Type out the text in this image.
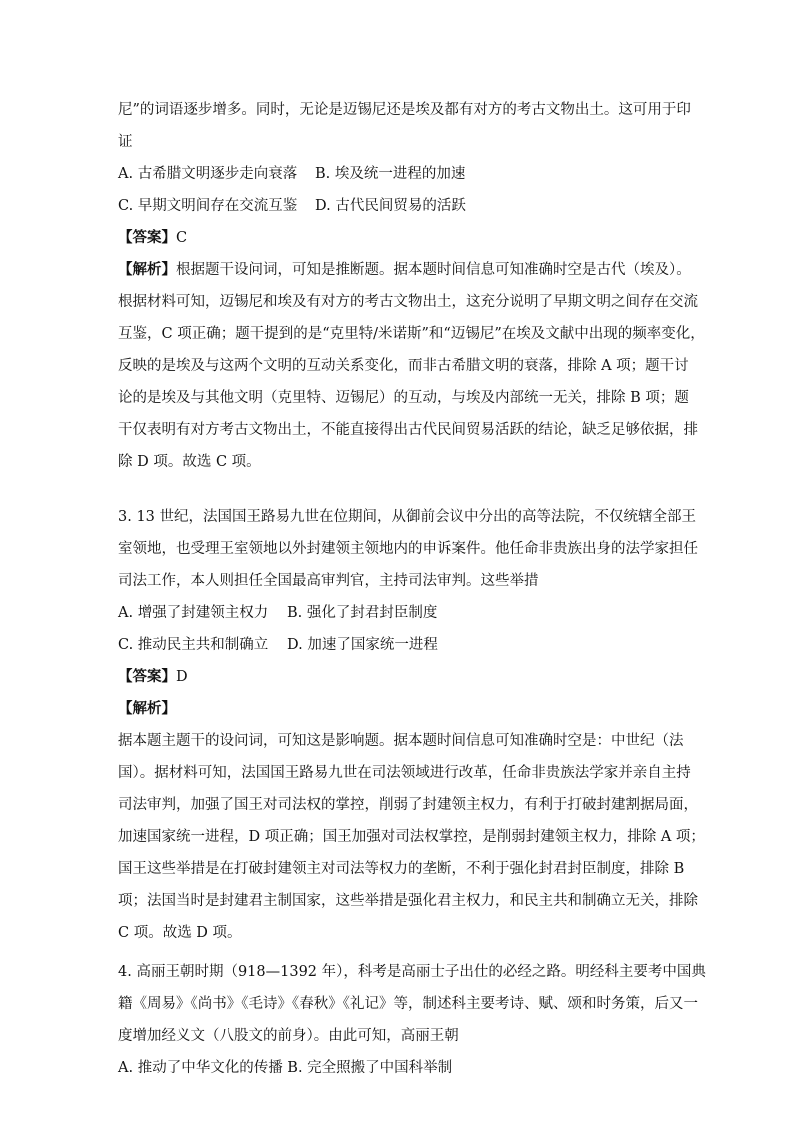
尼”的词语逐步增多。同时，无论是迈锡尼还是埃及都有对方的考古文物出土。这可用于印
证
A. 古希腊文明逐步走向衰落 B. 埃及统一进程的加速
C. 早期文明间存在交流互鉴 D. 古代民间贸易的活跃
【答案】C
【解析】根据题干设问词，可知是推断题。据本题时间信息可知准确时空是古代（埃及）。
根据材料可知，迈锡尼和埃及有对方的考古文物出土，这充分说明了早期文明之间存在交流
互鉴，C 项正确；题干提到的是“克里特/米诺斯”和“迈锡尼”在埃及文献中出现的频率变化，
反映的是埃及与这两个文明的互动关系变化，而非古希腊文明的衰落，排除 A 项；题干讨
论的是埃及与其他文明（克里特、迈锡尼）的互动，与埃及内部统一无关，排除 B 项；题
干仅表明有对方考古文物出土，不能直接得出古代民间贸易活跃的结论，缺乏足够依据，排
除 D 项。故选 C 项。
3. 13 世纪，法国国王路易九世在位期间，从御前会议中分出的高等法院，不仅统辖全部王
室领地，也受理王室领地以外封建领主领地内的申诉案件。他任命非贵族出身的法学家担任
司法工作，本人则担任全国最高审判官，主持司法审判。这些举措
A. 增强了封建领主权力 B. 强化了封君封臣制度
C. 推动民主共和制确立 D. 加速了国家统一进程
【答案】D
【解析】
据本题主题干的设问词，可知这是影响题。据本题时间信息可知准确时空是：中世纪（法
国）。据材料可知，法国国王路易九世在司法领域进行改革，任命非贵族法学家并亲自主持
司法审判，加强了国王对司法权的掌控，削弱了封建领主权力，有利于打破封建割据局面，
加速国家统一进程，D 项正确；国王加强对司法权掌控，是削弱封建领主权力，排除 A 项；
国王这些举措是在打破封建领主对司法等权力的垄断，不利于强化封君封臣制度，排除 B
项；法国当时是封建君主制国家，这些举措是强化君主权力，和民主共和制确立无关，排除
C 项。故选 D 项。
4. 高丽王朝时期（918—1392 年），科考是高丽士子出仕的必经之路。明经科主要考中国典
籍《周易》《尚书》《毛诗》《春秋》《礼记》等，制述科主要考诗、赋、颂和时务策，后又一
度增加经义文（八股文的前身）。由此可知，高丽王朝
A. 推动了中华文化的传播 B. 完全照搬了中国科举制
